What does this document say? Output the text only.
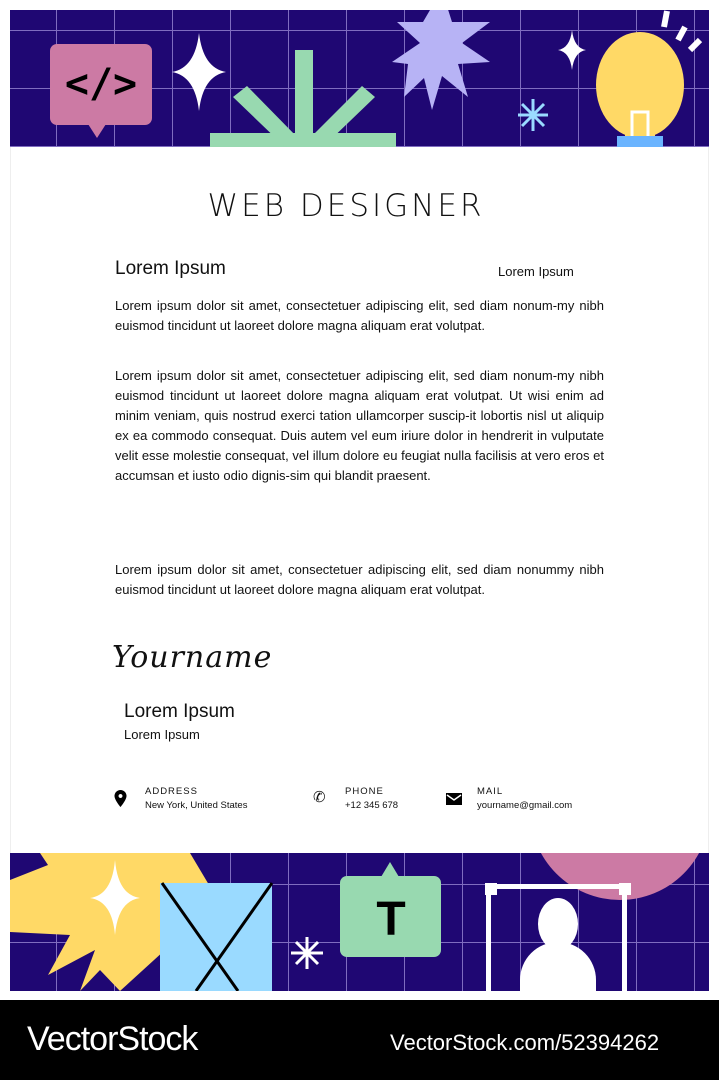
</>
WEB DESIGNER
Lorem Ipsum	Lorem Ipsum
Lorem ipsum dolor sit amet, consectetuer adipiscing elit, sed diam nonum-my nibh euismod tincidunt ut laoreet dolore magna aliquam erat volutpat.
Lorem ipsum dolor sit amet, consectetuer adipiscing elit, sed diam nonum-my nibh euismod tincidunt ut laoreet dolore magna aliquam erat volutpat. Ut wisi enim ad minim veniam, quis nostrud exerci tation ullamcorper suscip-it lobortis nisl ut aliquip ex ea commodo consequat. Duis autem vel eum iriure dolor in hendrerit in vulputate velit esse molestie consequat, vel illum dolore eu feugiat nulla facilisis at vero eros et accumsan et iusto odio dignis-sim qui blandit praesent.
Lorem ipsum dolor sit amet, consectetuer adipiscing elit, sed diam nonummy nibh euismod tincidunt ut laoreet dolore magna aliquam erat volutpat.
Yourname
Lorem Ipsum
Lorem Ipsum
ADDRESS
New York, United States	✆ PHONE
+12 345 678
MAIL
yourname@gmail.com
T
VectorStock	VectorStock.com/52394262
